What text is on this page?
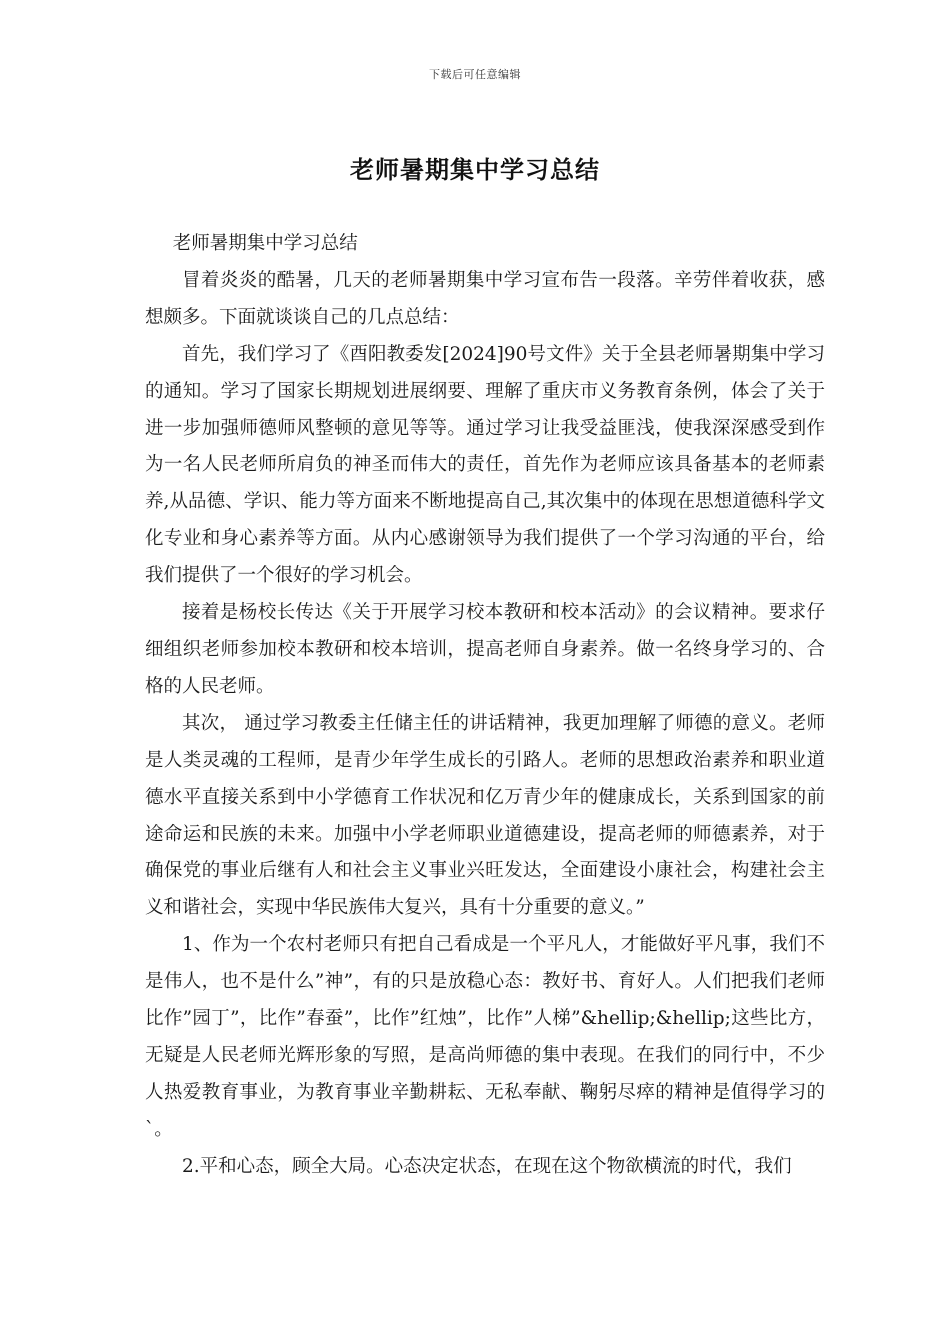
下载后可任意编辑
老师暑期集中学习总结

老师暑期集中学习总结

冒着炎炎的酷暑，几天的老师暑期集中学习宣布告一段落。辛劳伴着收获，感想颇多。下面就谈谈自己的几点总结：

首先，我们学习了《酉阳教委发[2024]90号文件》关于全县老师暑期集中学习的通知。学习了国家长期规划进展纲要、理解了重庆市义务教育条例，体会了关于进一步加强师德师风整顿的意见等等。通过学习让我受益匪浅，使我深深感受到作为一名人民老师所肩负的神圣而伟大的责任，首先作为老师应该具备基本的老师素养,从品德、学识、能力等方面来不断地提高自己,其次集中的体现在思想道德科学文化专业和身心素养等方面。从内心感谢领导为我们提供了一个学习沟通的平台，给我们提供了一个很好的学习机会。

接着是杨校长传达《关于开展学习校本教研和校本活动》的会议精神。要求仔细组织老师参加校本教研和校本培训，提高老师自身素养。做一名终身学习的、合格的人民老师。

其次， 通过学习教委主任储主任的讲话精神，我更加理解了师德的意义。老师是人类灵魂的工程师，是青少年学生成长的引路人。老师的思想政治素养和职业道德水平直接关系到中小学德育工作状况和亿万青少年的健康成长，关系到国家的前途命运和民族的未来。加强中小学老师职业道德建设，提高老师的师德素养，对于确保党的事业后继有人和社会主义事业兴旺发达，全面建设小康社会，构建社会主义和谐社会，实现中华民族伟大复兴，具有十分重要的意义。”

1、作为一个农村老师只有把自己看成是一个平凡人，才能做好平凡事，我们不是伟人，也不是什么”神”，有的只是放稳心态：教好书、育好人。人们把我们老师比作”园丁”，比作”春蚕”，比作”红烛”，比作”人梯”&hellip;&hellip;这些比方，无疑是人民老师光辉形象的写照，是高尚师德的集中表现。在我们的同行中，不少人热爱教育事业，为教育事业辛勤耕耘、无私奉献、鞠躬尽瘁的精神是值得学习的`。

2.平和心态，顾全大局。心态决定状态，在现在这个物欲横流的时代，我们
